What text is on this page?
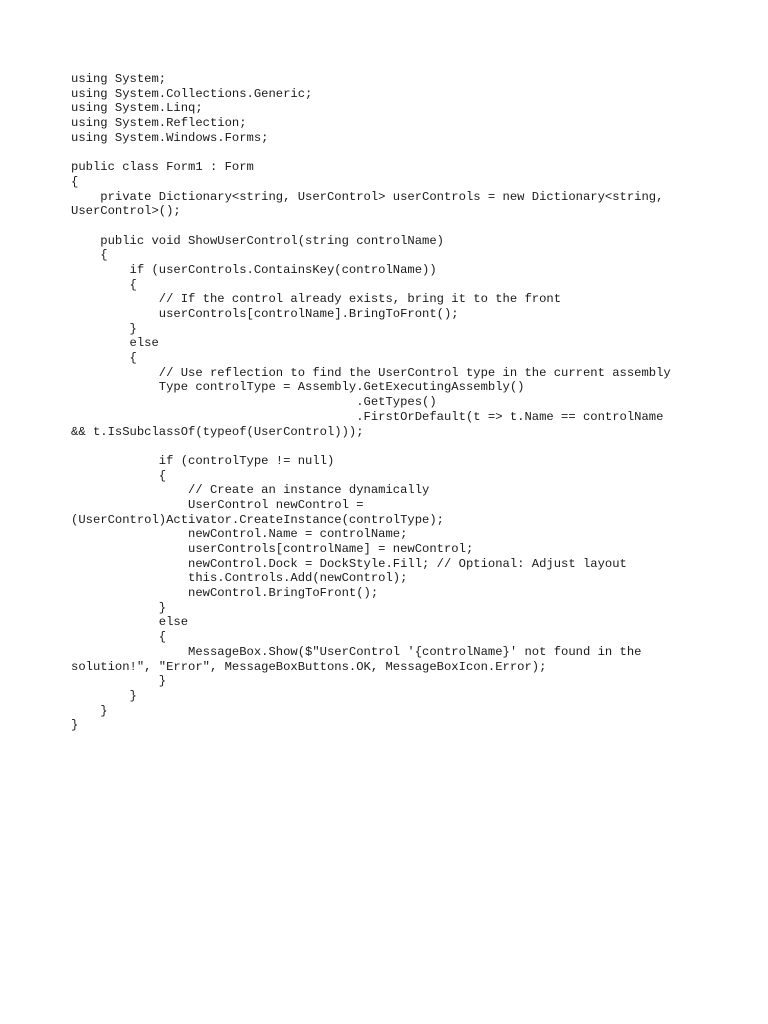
using System;
using System.Collections.Generic;
using System.Linq;
using System.Reflection;
using System.Windows.Forms;
public class Form1 : Form
{
private Dictionary<string, UserControl> userControls = new Dictionary<string,
UserControl>();
public void ShowUserControl(string controlName)
{
if (userControls.ContainsKey(controlName))
{
// If the control already exists, bring it to the front
userControls[controlName].BringToFront();
}
else
{
// Use reflection to find the UserControl type in the current assembly
Type controlType = Assembly.GetExecutingAssembly()
.GetTypes()
.FirstOrDefault(t => t.Name == controlName
&& t.IsSubclassOf(typeof(UserControl)));
if (controlType != null)
{
// Create an instance dynamically
UserControl newControl =
(UserControl)Activator.CreateInstance(controlType);
newControl.Name = controlName;
userControls[controlName] = newControl;
newControl.Dock = DockStyle.Fill; // Optional: Adjust layout
this.Controls.Add(newControl);
newControl.BringToFront();
}
else
{
MessageBox.Show($"UserControl '{controlName}' not found in the
solution!", "Error", MessageBoxButtons.OK, MessageBoxIcon.Error);
}
}
}
}
